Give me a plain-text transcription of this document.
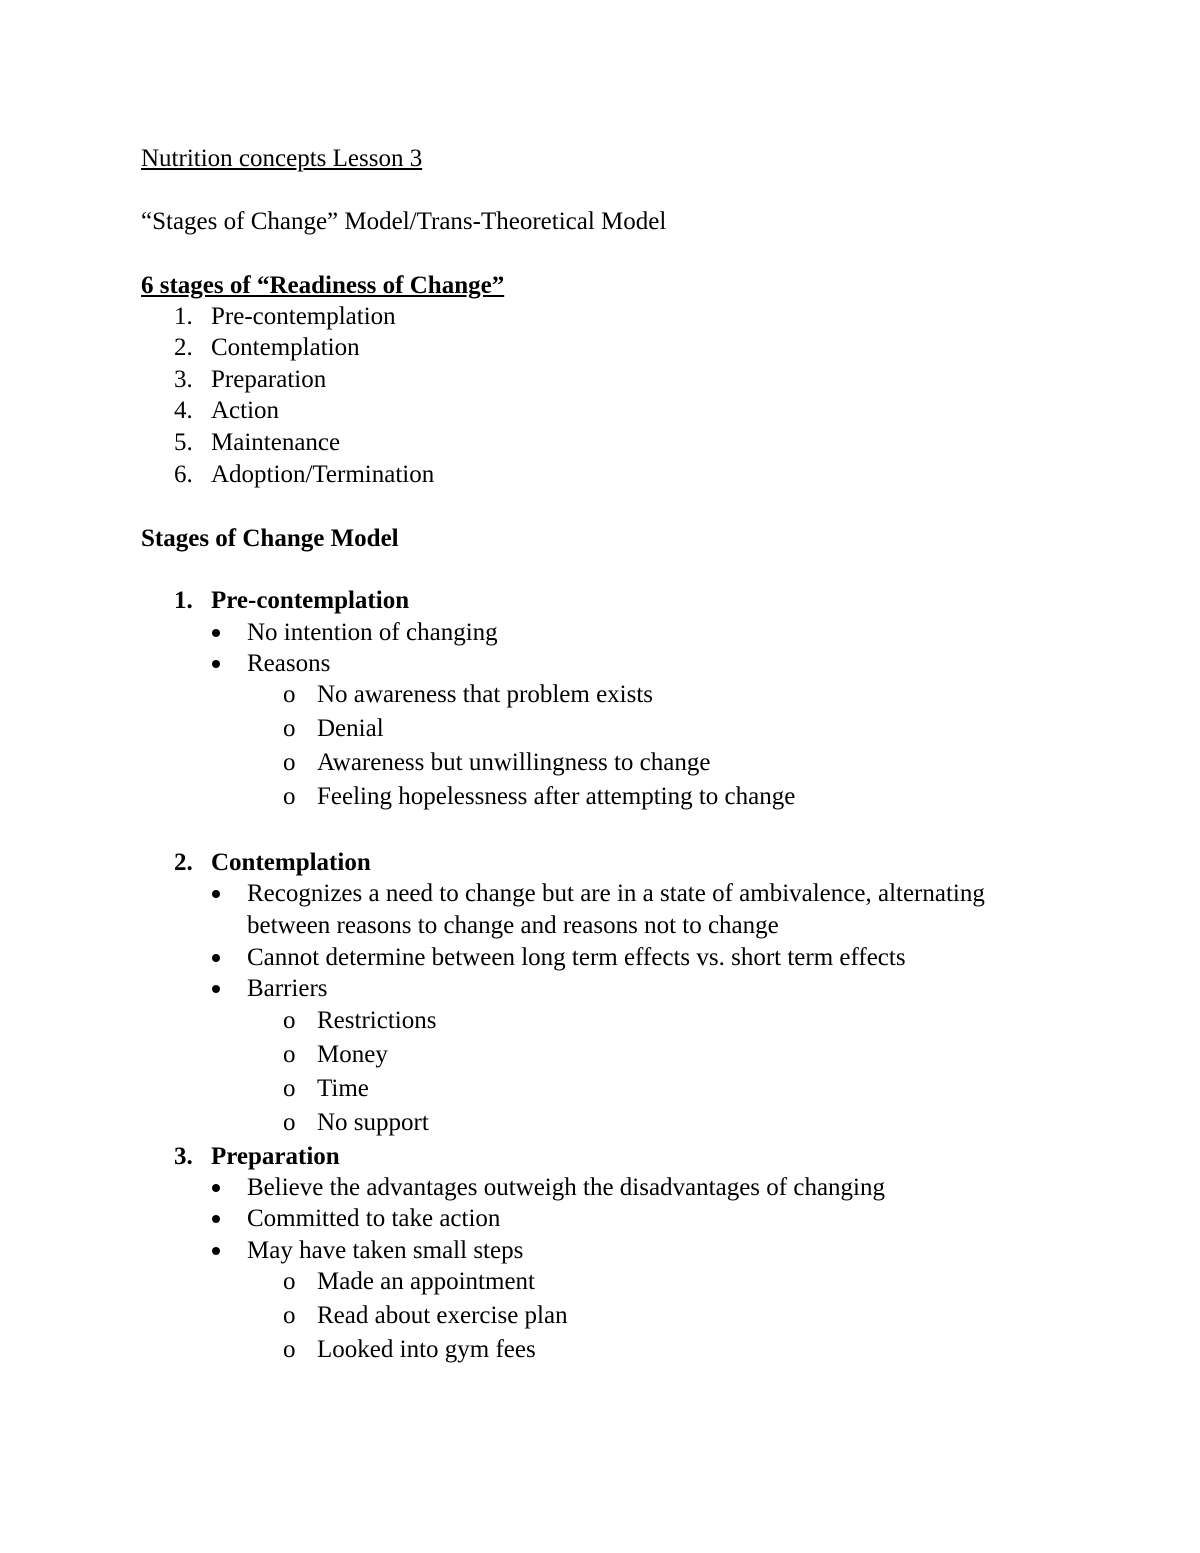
Nutrition concepts Lesson 3
“Stages of Change” Model/Trans-Theoretical Model
6 stages of “Readiness of Change”
1. Pre-contemplation
2. Contemplation
3. Preparation
4. Action
5. Maintenance
6. Adoption/Termination
Stages of Change Model
1. Pre-contemplation
No intention of changing
Reasons
o No awareness that problem exists
o Denial
o Awareness but unwillingness to change
o Feeling hopelessness after attempting to change
2. Contemplation
Recognizes a need to change but are in a state of ambivalence, alternating
between reasons to change and reasons not to change
Cannot determine between long term effects vs. short term effects
Barriers
o Restrictions
o Money
o Time
o No support
3. Preparation
Believe the advantages outweigh the disadvantages of changing
Committed to take action
May have taken small steps
o Made an appointment
o Read about exercise plan
o Looked into gym fees
